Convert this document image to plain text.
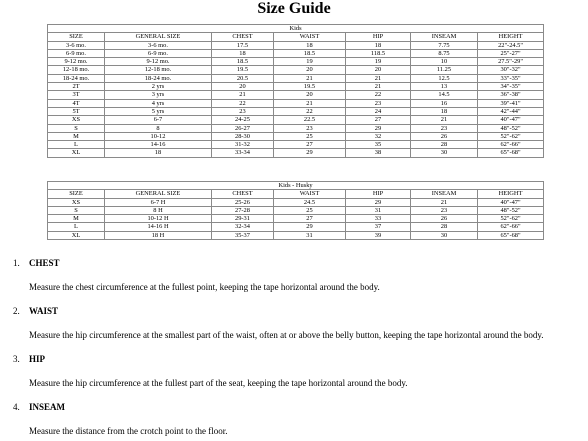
Size Guide
Kids						
SIZE	GENERAL SIZE	CHEST	WAIST	HIP	INSEAM	HEIGHT
3-6 mo.	3-6 mo.	17.5	18	18	7.75	22"-24.5"
6-9 mo.	6-9 mo.	18	18.5	118.5	8.75	25"-27"
9-12 mo.	9-12 mo.	18.5	19	19	10	27.5"-29"
12-18 mo.	12-18 mo.	19.5	20	20	11.25	30"-32"
18-24 mo.	18-24 mo.	20.5	21	21	12.5	33"-35"
2T	2 yrs	20	19.5	21	13	34"-35"
3T	3 yrs	21	20	22	14.5	36"-38"
4T	4 yrs	22	21	23	16	39"-41"
5T	5 yrs	23	22	24	18	42"-44"
XS	6-7	24-25	22.5	27	21	40"-47"
S	8	26-27	23	29	23	48"-52"
M	10-12	28-30	25	32	26	52"-62"
L	14-16	31-32	27	35	28	62"-66"
XL	18	33-34	29	38	30	65"-68"
Kids - Husky						
SIZE	GENERAL SIZE	CHEST	WAIST	HIP	INSEAM	HEIGHT
XS	6-7 H	25-26	24.5	29	21	40"-47"
S	8 H	27-28	25	31	23	48"-52"
M	10-12 H	29-31	27	33	26	52"-62"
L	14-16 H	32-34	29	37	28	62"-66"
XL	18 H	35-37	31	39	30	65"-68"
1. CHEST
Measure the chest circumference at the fullest point, keeping the tape horizontal around the body.
2. WAIST
Measure the hip circumference at the smallest part of the waist, often at or above the belly button, keeping the tape horizontal around the body.
3. HIP
Measure the hip circumference at the fullest part of the seat, keeping the tape horizontal around the body.
4. INSEAM
Measure the distance from the crotch point to the floor.
